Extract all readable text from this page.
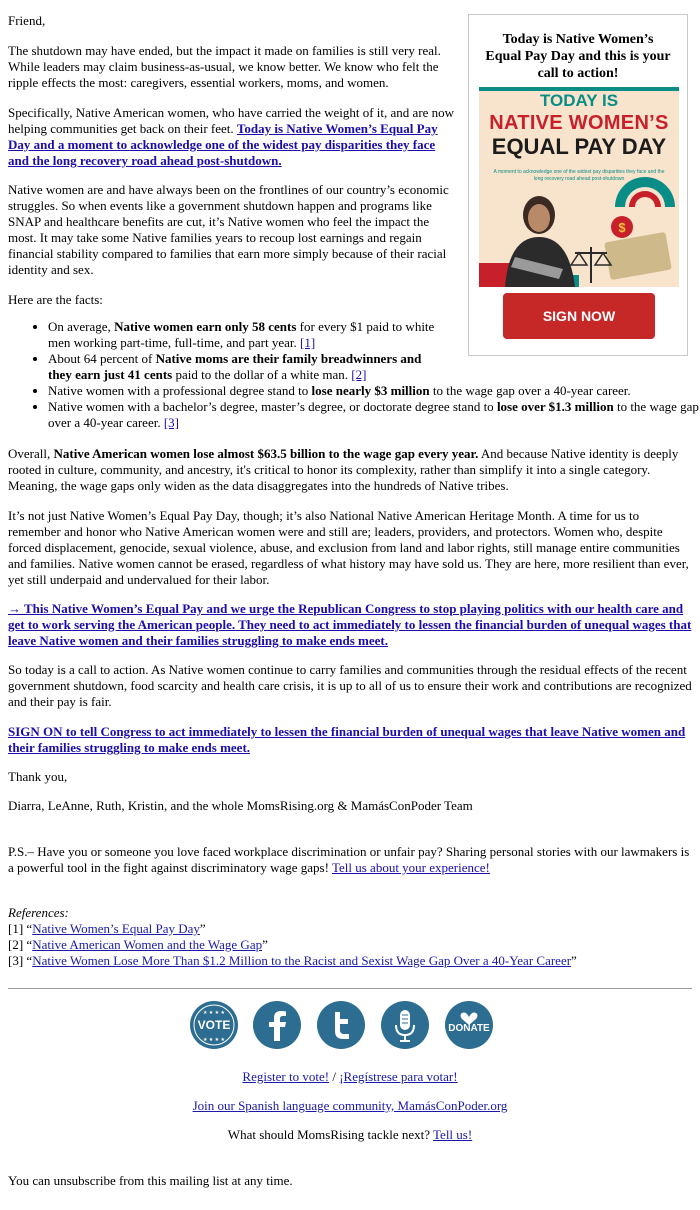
Friend,

The shutdown may have ended, but the impact it made on families is still very real. While leaders may claim business-as-usual, we know better. We know who felt the ripple effects the most: caregivers, essential workers, moms, and women.

Specifically, Native American women, who have carried the weight of it, and are now helping communities get back on their feet. Today is Native Women’s Equal Pay Day and a moment to acknowledge one of the widest pay disparities they face and the long recovery road ahead post-shutdown.

Native women are and have always been on the frontlines of our country’s economic struggles. So when events like a government shutdown happen and programs like SNAP and healthcare benefits are cut, it’s Native women who feel the impact the most. It may take some Native families years to recoup lost earnings and regain financial stability compared to families that earn more simply because of their racial identity and sex.

Here are the facts:

• On average, Native women earn only 58 cents for every $1 paid to white men working part-time, full-time, and part year. [1]
• About 64 percent of Native moms are their family breadwinners and they earn just 41 cents paid to the dollar of a white man. [2]
• Native women with a professional degree stand to lose nearly $3 million to the wage gap over a 40-year career.
• Native women with a bachelor’s degree, master’s degree, or doctorate degree stand to lose over $1.3 million to the wage gap over a 40-year career. [3]

Overall, Native American women lose almost $63.5 billion to the wage gap every year. And because Native identity is deeply rooted in culture, community, and ancestry, it's critical to honor its complexity, rather than simplify it into a single category. Meaning, the wage gaps only widen as the data disaggregates into the hundreds of Native tribes.

It’s not just Native Women’s Equal Pay Day, though; it’s also National Native American Heritage Month. A time for us to remember and honor who Native American women were and still are; leaders, providers, and protectors. Women who, despite forced displacement, genocide, sexual violence, abuse, and exclusion from land and labor rights, still manage entire communities and families. Native women cannot be erased, regardless of what history may have sold us. They are here, more resilient than ever, yet still underpaid and undervalued for their labor.

→ This Native Women’s Equal Pay and we urge the Republican Congress to stop playing politics with our health care and get to work serving the American people. They need to act immediately to lessen the financial burden of unequal wages that leave Native women and their families struggling to make ends meet.

So today is a call to action. As Native women continue to carry families and communities through the residual effects of the recent government shutdown, food scarcity and health care crisis, it is up to all of us to ensure their work and contributions are recognized and their pay is fair.

SIGN ON to tell Congress to act immediately to lessen the financial burden of unequal wages that leave Native women and their families struggling to make ends meet.

Thank you,

Diarra, LeAnne, Ruth, Kristin, and the whole MomsRising.org & MamásConPoder Team

P.S.– Have you or someone you love faced workplace discrimination or unfair pay? Sharing personal stories with our lawmakers is a powerful tool in the fight against discriminatory wage gaps! Tell us about your experience!

References:
[1] “Native Women’s Equal Pay Day”
[2] “Native American Women and the Wage Gap”
[3] “Native Women Lose More Than $1.2 Million to the Racist and Sexist Wage Gap Over a 40-Year Career”
Today is Native Women’s Equal Pay Day and this is your call to action!
TODAY IS
NATIVE WOMEN’S
EQUAL PAY DAY
A moment to acknowledge one of the widest pay disparities they face and the long recovery road ahead post-shutdown
$
SIGN NOW
★ ★ ★ ★
★ ★ ★ ★
VOTE	DONATE
Register to vote! / ¡Regístrese para votar!
Join our Spanish language community, MamásConPoder.org
What should MomsRising tackle next? Tell us!

You can unsubscribe from this mailing list at any time.
